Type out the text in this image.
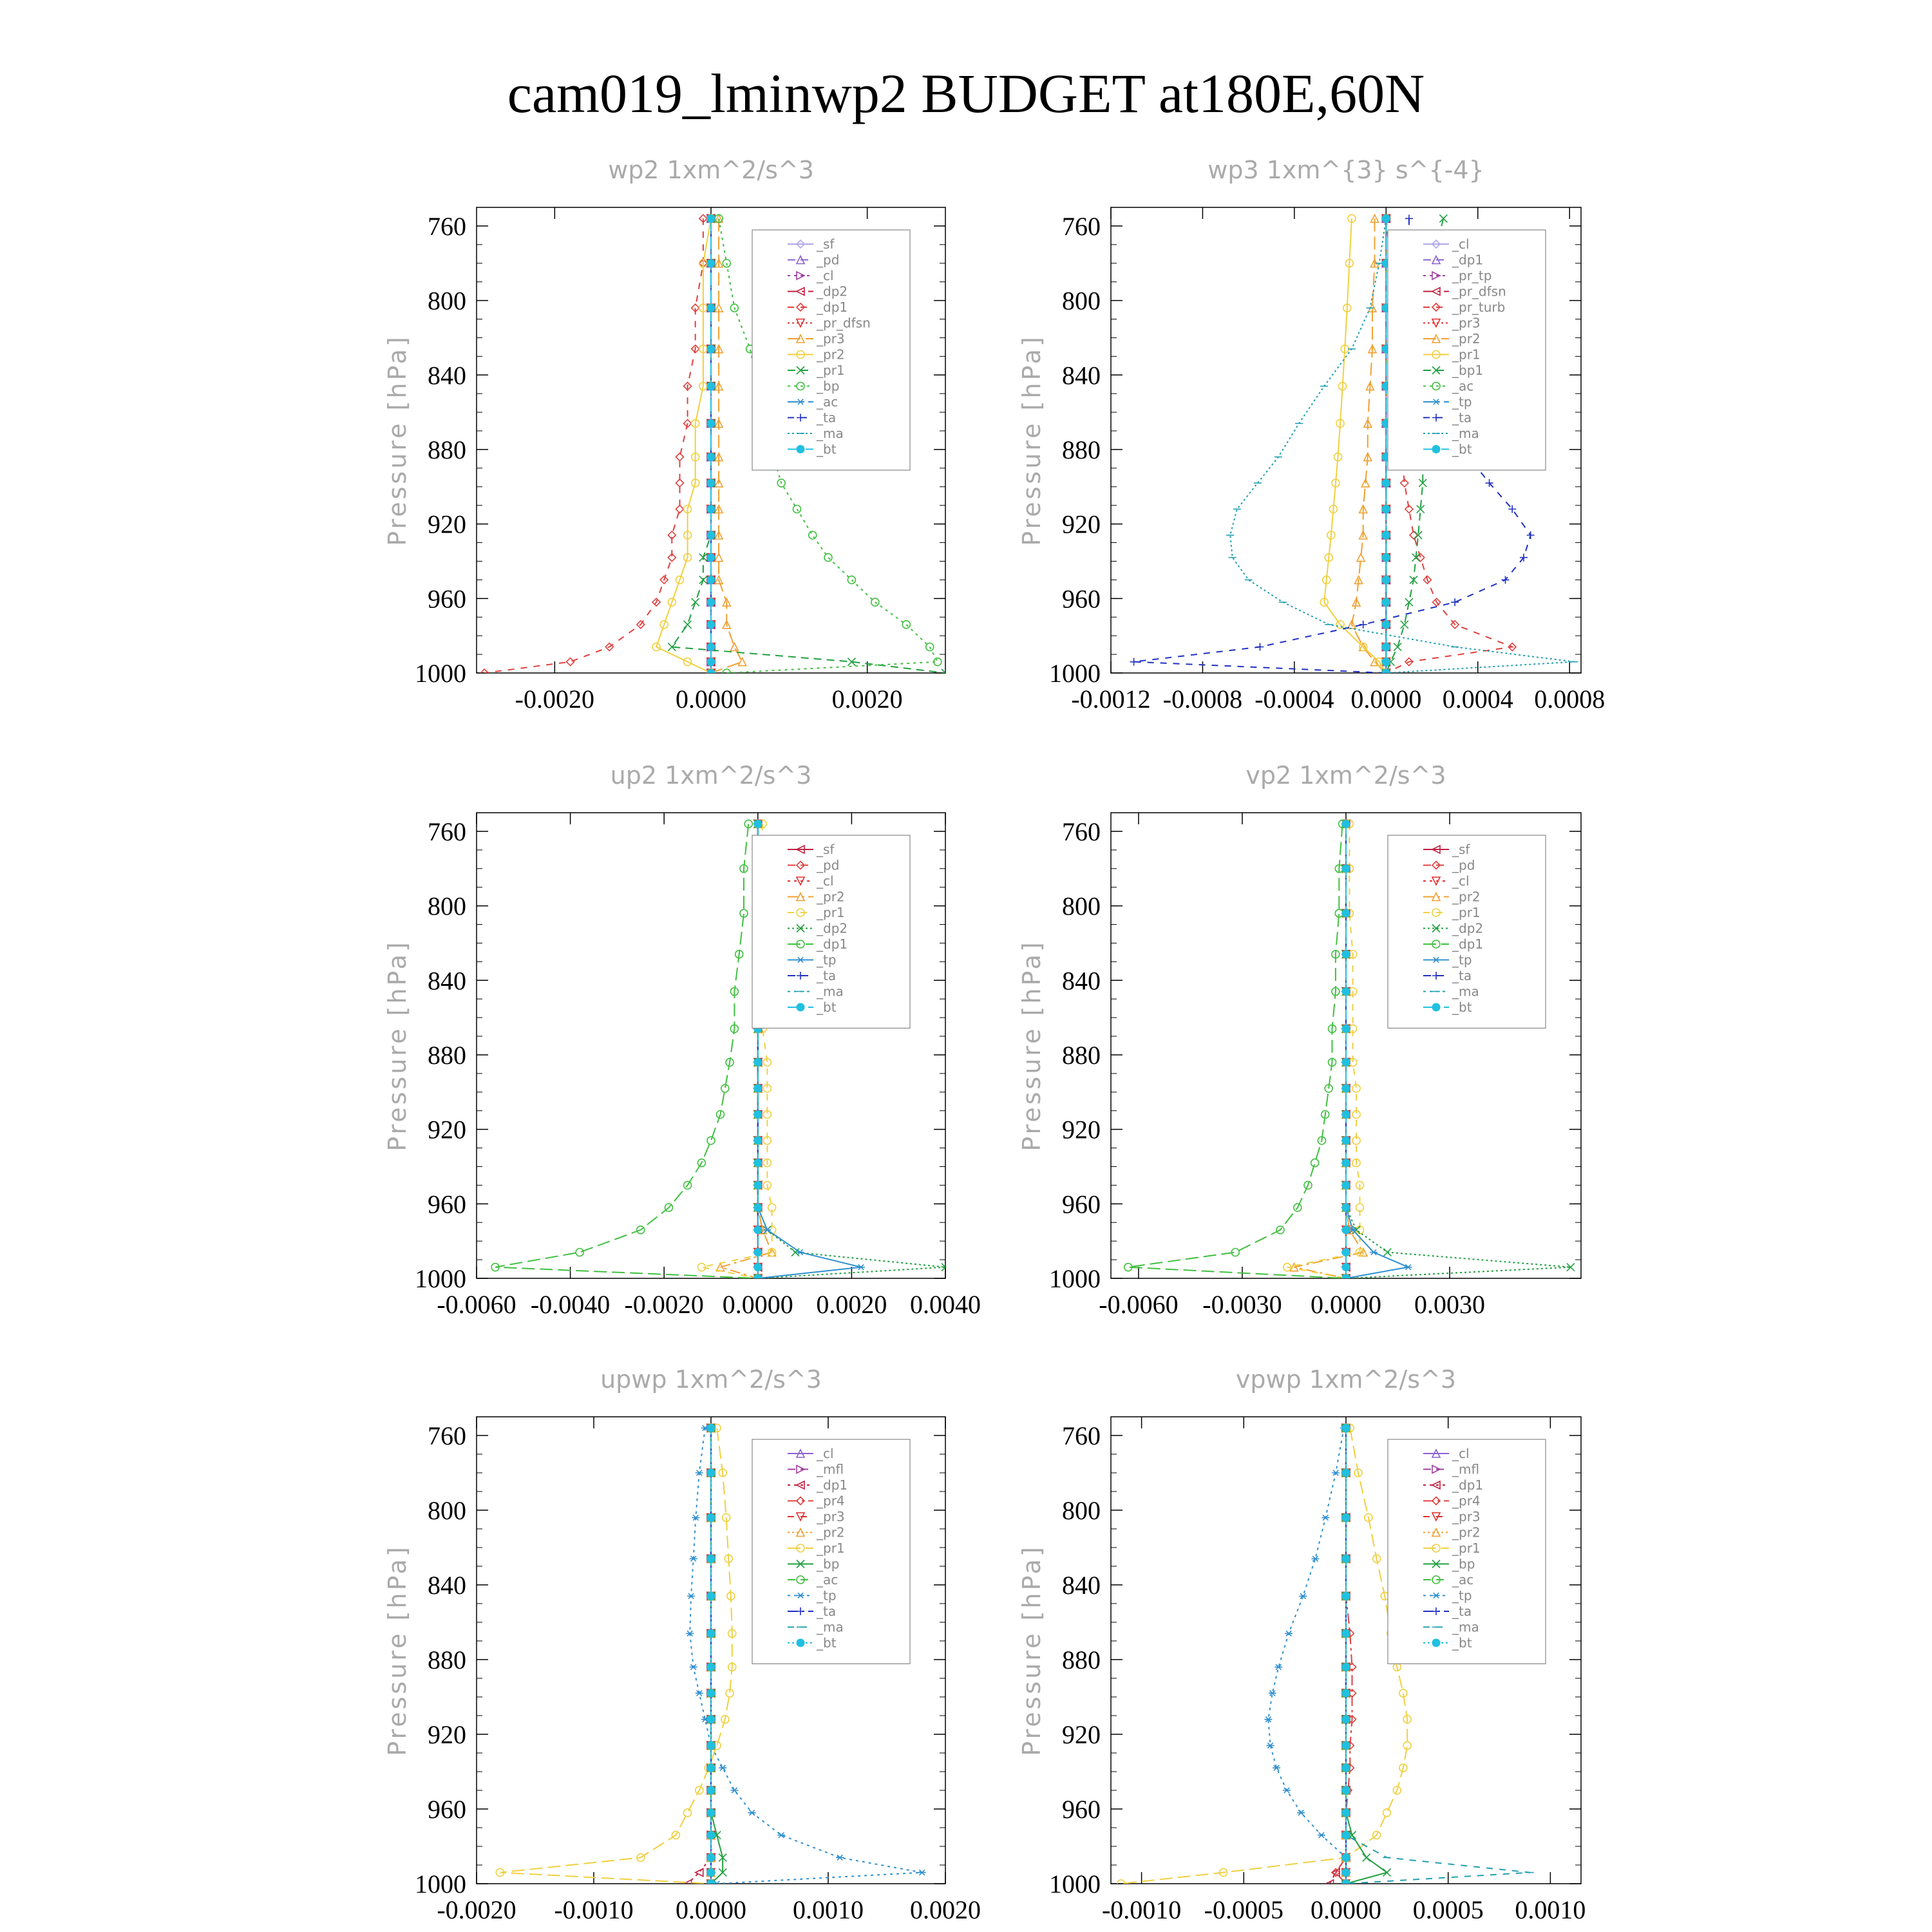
cam019_lminwp2 BUDGET at180E,60N
wp2 1xm^2/s^3
Pressure [hPa]
760
800
840
880
920
960
1000
-0.0020	0.0000	0.0020
_sf
_pd
_cl
_dp2
_dp1
_pr_dfsn
_pr3
_pr2
_pr1
_bp
_ac
_ta
_ma
_bt
wp3 1xm^{3} s^{-4}
Pressure [hPa]
760
800
840
880
920
960
1000
-0.0012 -0.0008 -0.0004 0.0000 0.0004 0.0008
_cl
_dp1
_pr_tp
_pr_dfsn
_pr_turb
_pr3
_pr2
_pr1
_bp1
_ac
_tp
_ta
_ma
_bt
up2 1xm^2/s^3
Pressure [hPa]
760
800
840
880
920
960
1000
-0.0060 -0.0040 -0.0020 0.0000 0.0020 0.0040
_sf
_pd
_cl
_pr2
_pr1
_dp2
_dp1
_tp
_ta
_ma
_bt
vp2 1xm^2/s^3
Pressure [hPa]
760
800
840
880
920
960
1000
-0.0060 -0.0030 0.0000 0.0030
_sf
_pd
_cl
_pr2
_pr1
_dp2
_dp1
_tp
_ta
_ma
_bt
upwp 1xm^2/s^3
Pressure [hPa]
760
800
840
880
920
960
1000
-0.0020 -0.0010 0.0000 0.0010 0.0020
_cl
_mfl
_dp1
_pr4
_pr3
_pr2
_pr1
_bp
_ac
_tp
_ta
_ma
_bt
vpwp 1xm^2/s^3
Pressure [hPa]
760
800
840
880
920
960
1000
-0.0010 -0.0005 0.0000 0.0005 0.0010
_cl
_mfl
_dp1
_pr4
_pr3
_pr2
_pr1
_bp
_ac
_tp
_ta
_ma
_bt
